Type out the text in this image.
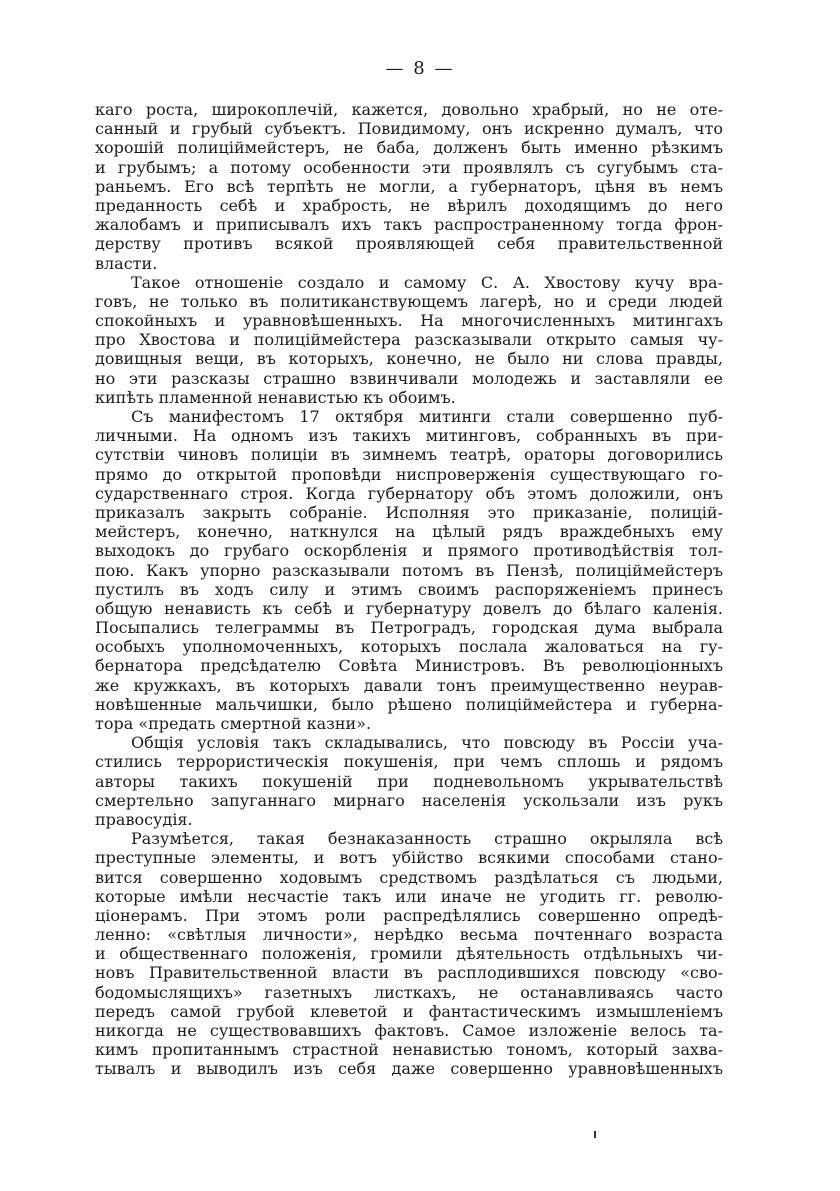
— 8 —
каго роста, широкоплечій, кажется, довольно храбрый, но не оте-
санный и грубый субъектъ. Повидимому, онъ искренно думалъ, что
хорошій полиціймейстеръ, не баба, долженъ быть именно рѣзкимъ
и грубымъ; а потому особенности эти проявлялъ съ сугубымъ ста-
раньемъ. Его всѣ терпѣть не могли, а губернаторъ, цѣня въ немъ
преданность себѣ и храбрость, не вѣрилъ доходящимъ до него
жалобамъ и приписывалъ ихъ такъ распространенному тогда фрон-
дерству противъ всякой проявляющей себя правительственной
власти.
Такое отношеніе создало и самому С. А. Хвостову кучу вра-
говъ, не только въ политиканствующемъ лагерѣ, но и среди людей
спокойныхъ и уравновѣшенныхъ. На многочисленныхъ митингахъ
про Хвостова и полиціймейстера разсказывали открыто самыя чу-
довищныя вещи, въ которыхъ, конечно, не было ни слова правды,
но эти разсказы страшно взвинчивали молодежь и заставляли ее
кипѣть пламенной ненавистью къ обоимъ.
Съ манифестомъ 17 октября митинги стали совершенно пуб-
личными. На одномъ изъ такихъ митинговъ, собранныхъ въ при-
сутствіи чиновъ полиціи въ зимнемъ театрѣ, ораторы договорились
прямо до открытой проповѣди ниспроверженія существующаго го-
сударственнаго строя. Когда губернатору объ этомъ доложили, онъ
приказалъ закрыть собраніе. Исполняя это приказаніе, полицій-
мейстеръ, конечно, наткнулся на цѣлый рядъ враждебныхъ ему
выходокъ до грубаго оскорбленія и прямого противодѣйствія тол-
пою. Какъ упорно разсказывали потомъ въ Пензѣ, полиціймейстеръ
пустилъ въ ходъ силу и этимъ своимъ распоряженіемъ принесъ
общую ненависть къ себѣ и губернатуру довелъ до бѣлаго каленія.
Посыпались телеграммы въ Петроградъ, городская дума выбрала
особыхъ уполномоченныхъ, которыхъ послала жаловаться на гу-
бернатора предсѣдателю Совѣта Министровъ. Въ революціонныхъ
же кружкахъ, въ которыхъ давали тонъ преимущественно неурав-
новѣшенные мальчишки, было рѣшено полиціймейстера и губерна-
тора «предать смертной казни».
Общія условія такъ складывались, что повсюду въ Россіи уча-
стились террористическія покушенія, при чемъ сплошь и рядомъ
авторы такихъ покушеній при подневольномъ укрывательствѣ
смертельно запуганнаго мирнаго населенія ускользали изъ рукъ
правосудія.
Разумѣется, такая безнаказанность страшно окрыляла всѣ
преступные элементы, и вотъ убійство всякими способами стано-
вится совершенно ходовымъ средствомъ раздѣлаться съ людьми,
которые имѣли несчастіе такъ или иначе не угодить гг. револю-
ціонерамъ. При этомъ роли распредѣлялись совершенно опредѣ-
ленно: «свѣтлыя личности», нерѣдко весьма почтеннаго возраста
и общественнаго положенія, громили дѣятельность отдѣльныхъ чи-
новъ Правительственной власти въ расплодившихся повсюду «сво-
бодомыслящихъ» газетныхъ листкахъ, не останавливаясь часто
передъ самой грубой клеветой и фантастическимъ измышленіемъ
никогда не существовавшихъ фактовъ. Самое изложеніе велось та-
кимъ пропитаннымъ страстной ненавистью тономъ, который захва-
тывалъ и выводилъ изъ себя даже совершенно уравновѣшенныхъ
